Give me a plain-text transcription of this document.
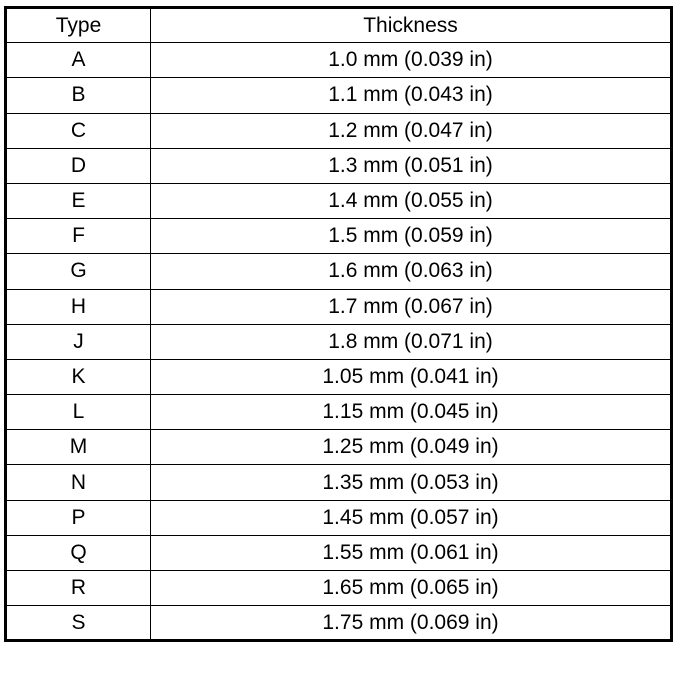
Type	Thickness
A	1.0 mm (0.039 in)
B	1.1 mm (0.043 in)
C	1.2 mm (0.047 in)
D	1.3 mm (0.051 in)
E	1.4 mm (0.055 in)
F	1.5 mm (0.059 in)
G	1.6 mm (0.063 in)
H	1.7 mm (0.067 in)
J	1.8 mm (0.071 in)
K	1.05 mm (0.041 in)
L	1.15 mm (0.045 in)
M	1.25 mm (0.049 in)
N	1.35 mm (0.053 in)
P	1.45 mm (0.057 in)
Q	1.55 mm (0.061 in)
R	1.65 mm (0.065 in)
S	1.75 mm (0.069 in)
